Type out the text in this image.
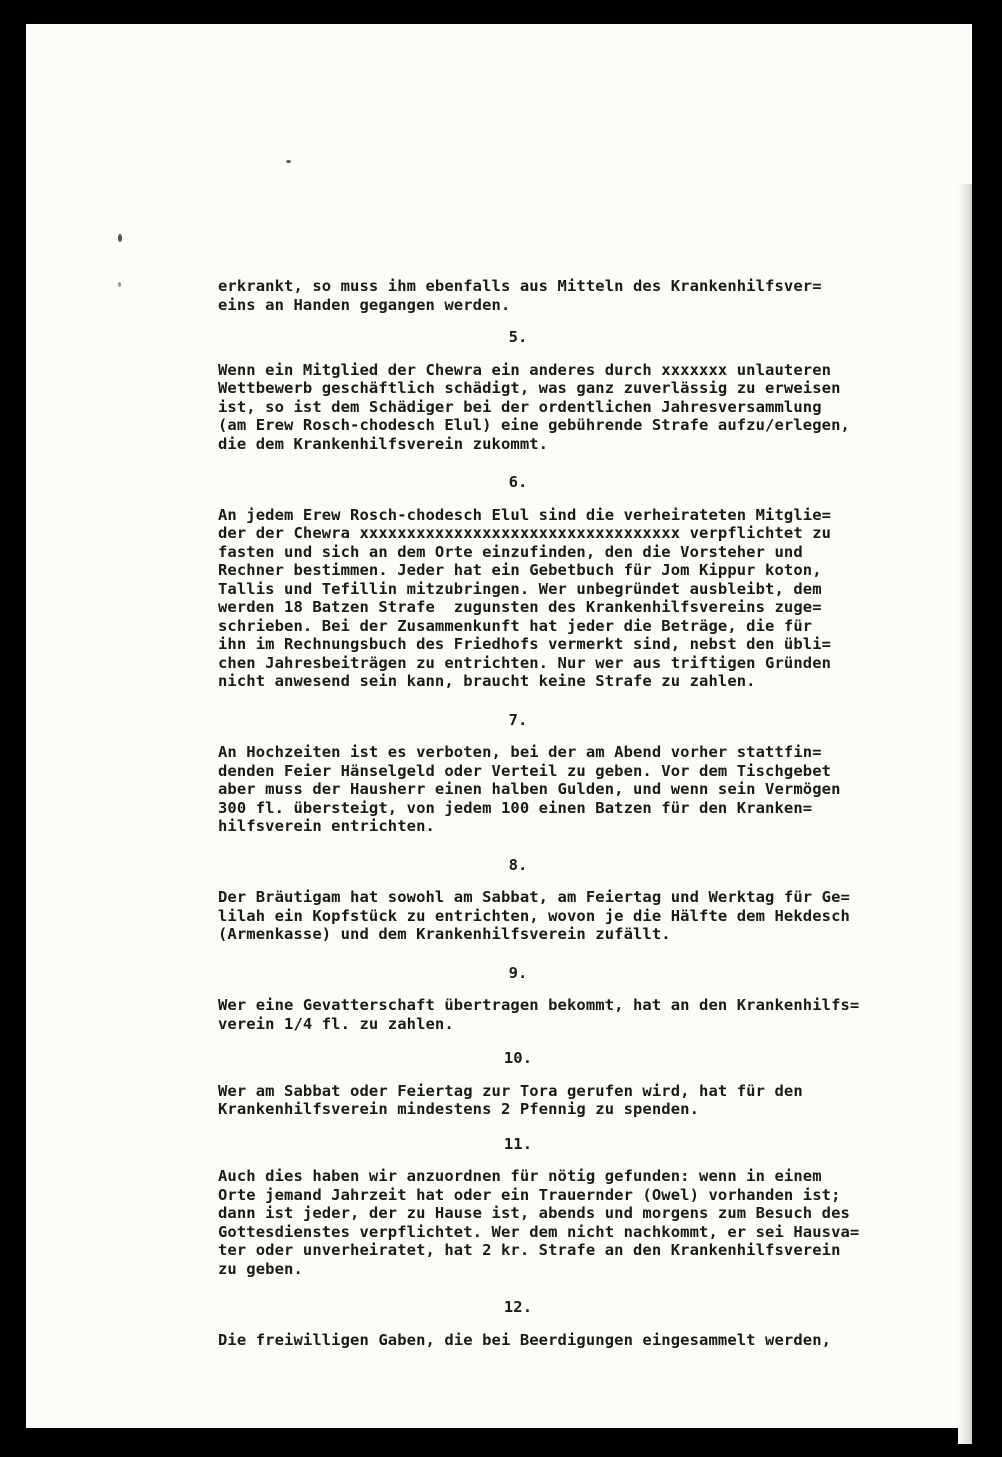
erkrankt, so muss ihm ebenfalls aus Mitteln des Krankenhilfsver=

eins an Handen gegangen werden.

5.

Wenn ein Mitglied der Chewra ein anderes durch xxxxxxx unlauteren

Wettbewerb geschäftlich schädigt, was ganz zuverlässig zu erweisen

ist, so ist dem Schädiger bei der ordentlichen Jahresversammlung

(am Erew Rosch-chodesch Elul) eine gebührende Strafe aufzu/erlegen,

die dem Krankenhilfsverein zukommt.

6.

An jedem Erew Rosch-chodesch Elul sind die verheirateten Mitglie=

der der Chewra xxxxxxxxxxxxxxxxxxxxxxxxxxxxxxxxxx verpflichtet zu

fasten und sich an dem Orte einzufinden, den die Vorsteher und

Rechner bestimmen. Jeder hat ein Gebetbuch für Jom Kippur koton,

Tallis und Tefillin mitzubringen. Wer unbegründet ausbleibt, dem

werden 18 Batzen Strafe  zugunsten des Krankenhilfsvereins zuge=

schrieben. Bei der Zusammenkunft hat jeder die Beträge, die für

ihn im Rechnungsbuch des Friedhofs vermerkt sind, nebst den übli=

chen Jahresbeiträgen zu entrichten. Nur wer aus triftigen Gründen

nicht anwesend sein kann, braucht keine Strafe zu zahlen.

7.

An Hochzeiten ist es verboten, bei der am Abend vorher stattfin=

denden Feier Hänselgeld oder Verteil zu geben. Vor dem Tischgebet

aber muss der Hausherr einen halben Gulden, und wenn sein Vermögen

300 fl. übersteigt, von jedem 100 einen Batzen für den Kranken=

hilfsverein entrichten.

8.

Der Bräutigam hat sowohl am Sabbat, am Feiertag und Werktag für Ge=

lilah ein Kopfstück zu entrichten, wovon je die Hälfte dem Hekdesch

(Armenkasse) und dem Krankenhilfsverein zufällt.

9.

Wer eine Gevatterschaft übertragen bekommt, hat an den Krankenhilfs=

verein 1/4 fl. zu zahlen.

10.

Wer am Sabbat oder Feiertag zur Tora gerufen wird, hat für den

Krankenhilfsverein mindestens 2 Pfennig zu spenden.

11.

Auch dies haben wir anzuordnen für nötig gefunden: wenn in einem

Orte jemand Jahrzeit hat oder ein Trauernder (Owel) vorhanden ist;

dann ist jeder, der zu Hause ist, abends und morgens zum Besuch des

Gottesdienstes verpflichtet. Wer dem nicht nachkommt, er sei Hausva=

ter oder unverheiratet, hat 2 kr. Strafe an den Krankenhilfsverein

zu geben.

12.

Die freiwilligen Gaben, die bei Beerdigungen eingesammelt werden,
